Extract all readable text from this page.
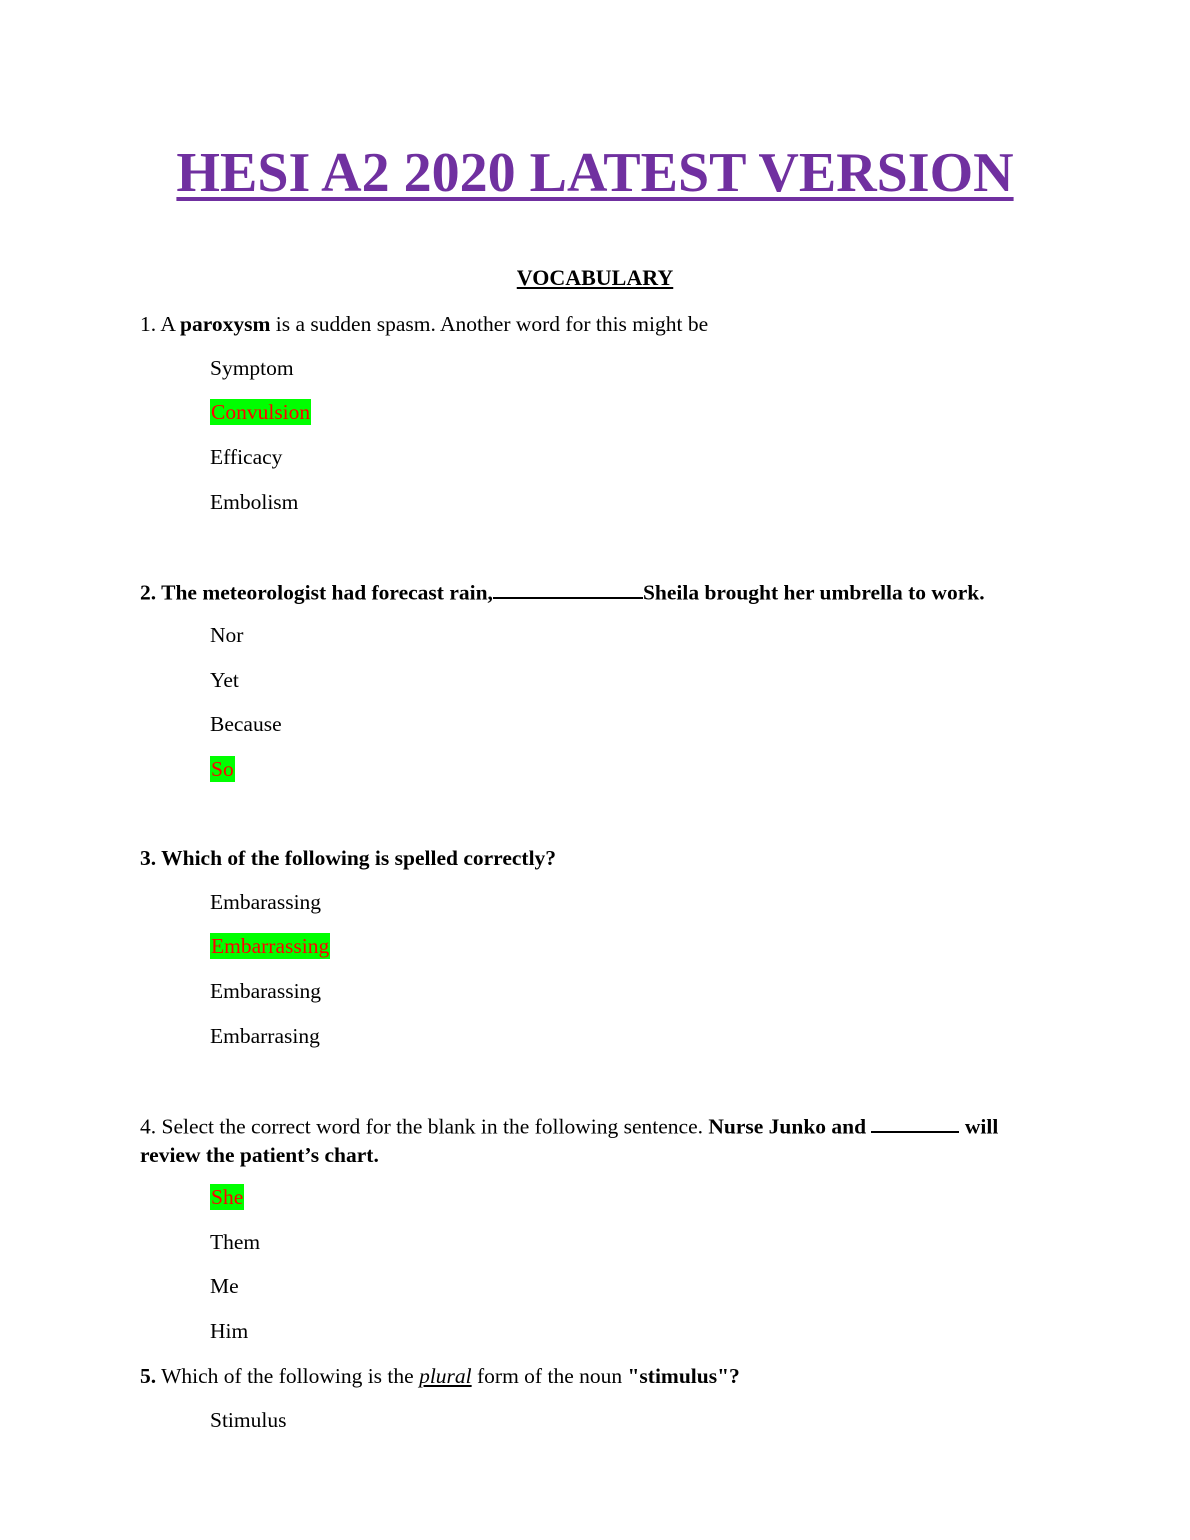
HESI A2 2020 LATEST VERSION
VOCABULARY

1. A paroxysm is a sudden spasm. Another word for this might be

Symptom

Convulsion

Efficacy

Embolism

2. The meteorologist had forecast rain,	Sheila brought her umbrella to work.

Nor

Yet

Because

So

3. Which of the following is spelled correctly?

Embarassing

Embarrassing

Embarassing

Embarrasing

4. Select the correct word for the blank in the following sentence. Nurse Junko and	will review the patient’s chart.

She

Them

Me

Him

5. Which of the following is the plural form of the noun "stimulus"?

Stimulus
